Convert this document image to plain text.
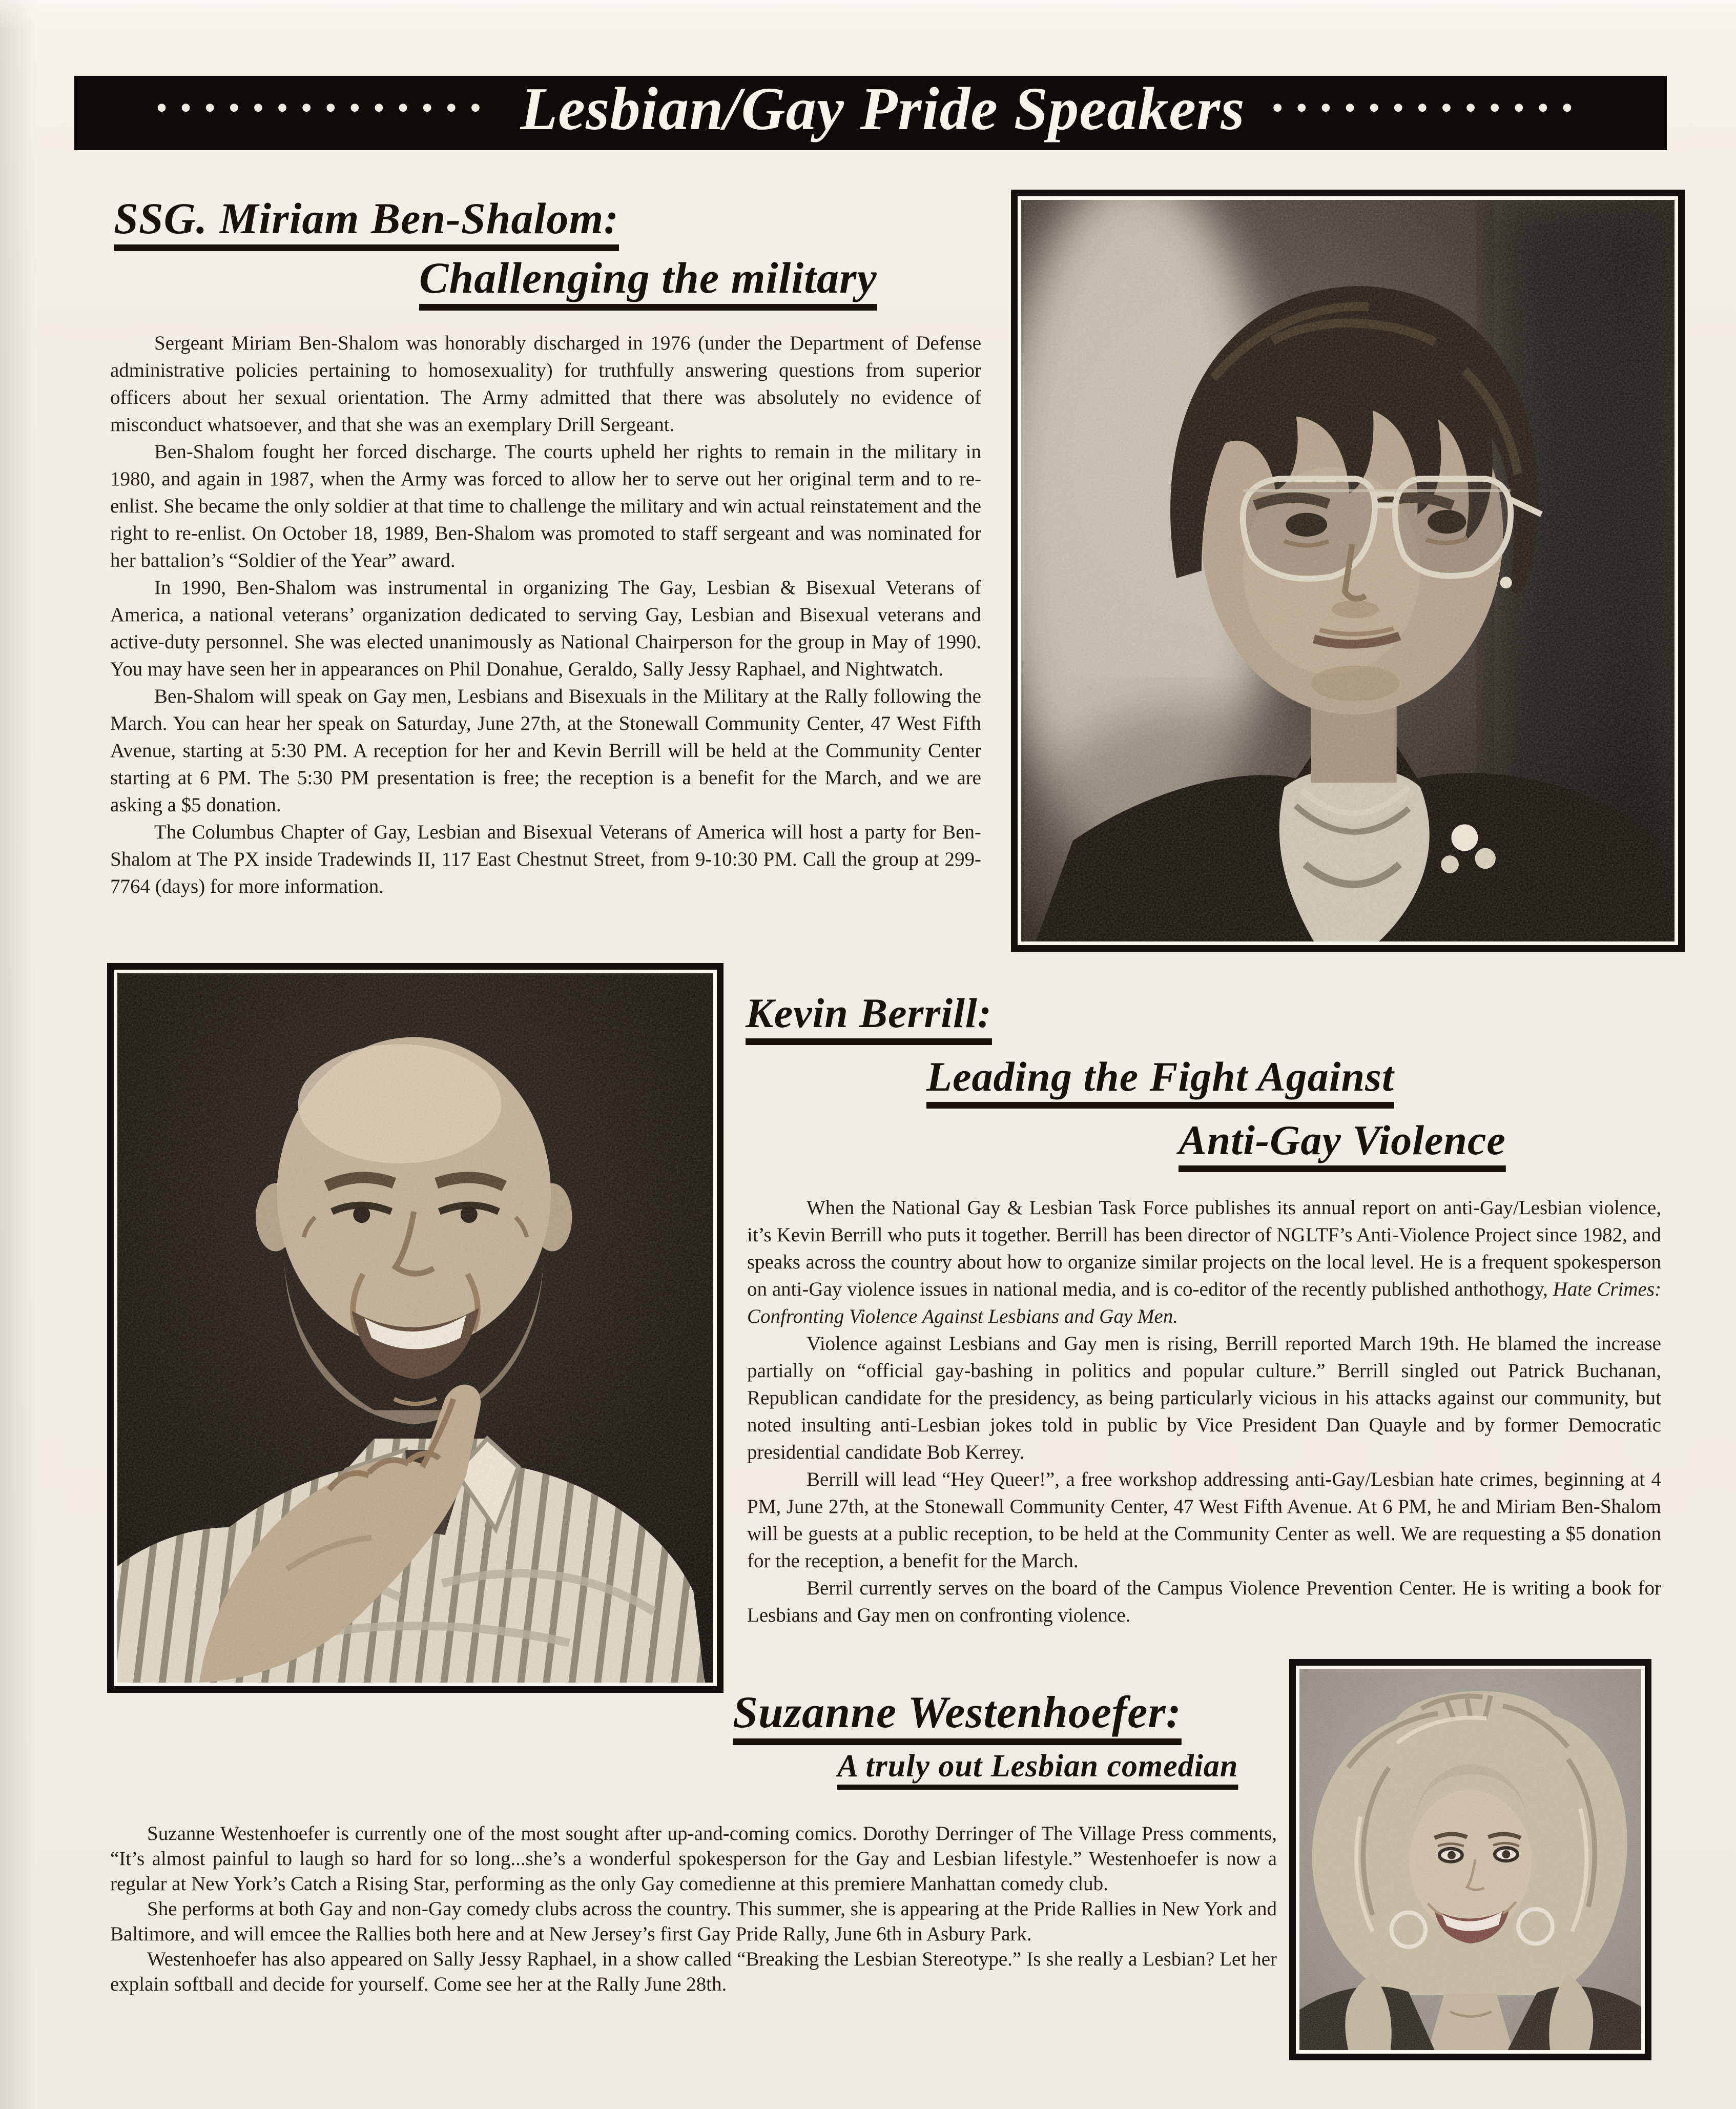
•••••••••••••• Lesbian/Gay Pride Speakers •••••••••••••
SSG. Miriam Ben-Shalom:
Challenging the military

Sergeant Miriam Ben-Shalom was honorably discharged in 1976 (under the Department of Defense administrative policies pertaining to homosexuality) for truthfully answering questions from superior officers about her sexual orientation. The Army admitted that there was absolutely no evidence of misconduct whatsoever, and that she was an exemplary Drill Sergeant.

Ben-Shalom fought her forced discharge. The courts upheld her rights to remain in the military in 1980, and again in 1987, when the Army was forced to allow her to serve out her original term and to re-enlist. She became the only soldier at that time to challenge the military and win actual reinstatement and the right to re-enlist. On October 18, 1989, Ben-Shalom was promoted to staff sergeant and was nominated for her battalion’s “Soldier of the Year” award.

In 1990, Ben-Shalom was instrumental in organizing The Gay, Lesbian & Bisexual Veterans of America, a national veterans’ organization dedicated to serving Gay, Lesbian and Bisexual veterans and active-duty personnel. She was elected unanimously as National Chairperson for the group in May of 1990. You may have seen her in appearances on Phil Donahue, Geraldo, Sally Jessy Raphael, and Nightwatch.

Ben-Shalom will speak on Gay men, Lesbians and Bisexuals in the Military at the Rally following the March. You can hear her speak on Saturday, June 27th, at the Stonewall Community Center, 47 West Fifth Avenue, starting at 5:30 PM. A reception for her and Kevin Berrill will be held at the Community Center starting at 6 PM. The 5:30 PM presentation is free; the reception is a benefit for the March, and we are asking a $5 donation.

The Columbus Chapter of Gay, Lesbian and Bisexual Veterans of America will host a party for Ben-Shalom at The PX inside Tradewinds II, 117 East Chestnut Street, from 9-10:30 PM. Call the group at 299-7764 (days) for more information.

Kevin Berrill:
Leading the Fight Against
Anti-Gay Violence

When the National Gay & Lesbian Task Force publishes its annual report on anti-Gay/Lesbian violence, it’s Kevin Berrill who puts it together. Berrill has been director of NGLTF’s Anti-Violence Project since 1982, and speaks across the country about how to organize similar projects on the local level. He is a frequent spokesperson on anti-Gay violence issues in national media, and is co-editor of the recently published anthothogy, Hate Crimes: Confronting Violence Against Lesbians and Gay Men.

Violence against Lesbians and Gay men is rising, Berrill reported March 19th. He blamed the increase partially on “official gay-bashing in politics and popular culture.” Berrill singled out Patrick Buchanan, Republican candidate for the presidency, as being particularly vicious in his attacks against our community, but noted insulting anti-Lesbian jokes told in public by Vice President Dan Quayle and by former Democratic presidential candidate Bob Kerrey.

Berrill will lead “Hey Queer!”, a free workshop addressing anti-Gay/Lesbian hate crimes, beginning at 4 PM, June 27th, at the Stonewall Community Center, 47 West Fifth Avenue. At 6 PM, he and Miriam Ben-Shalom will be guests at a public reception, to be held at the Community Center as well. We are requesting a $5 donation for the reception, a benefit for the March.

Berril currently serves on the board of the Campus Violence Prevention Center. He is writing a book for Lesbians and Gay men on confronting violence.

Suzanne Westenhoefer:
A truly out Lesbian comedian

Suzanne Westenhoefer is currently one of the most sought after up-and-coming comics. Dorothy Derringer of The Village Press comments, “It’s almost painful to laugh so hard for so long...she’s a wonderful spokesperson for the Gay and Lesbian lifestyle.” Westenhoefer is now a regular at New York’s Catch a Rising Star, performing as the only Gay comedienne at this premiere Manhattan comedy club.

She performs at both Gay and non-Gay comedy clubs across the country. This summer, she is appearing at the Pride Rallies in New York and Baltimore, and will emcee the Rallies both here and at New Jersey’s first Gay Pride Rally, June 6th in Asbury Park.

Westenhoefer has also appeared on Sally Jessy Raphael, in a show called “Breaking the Lesbian Stereotype.” Is she really a Lesbian? Let her explain softball and decide for yourself. Come see her at the Rally June 28th.
